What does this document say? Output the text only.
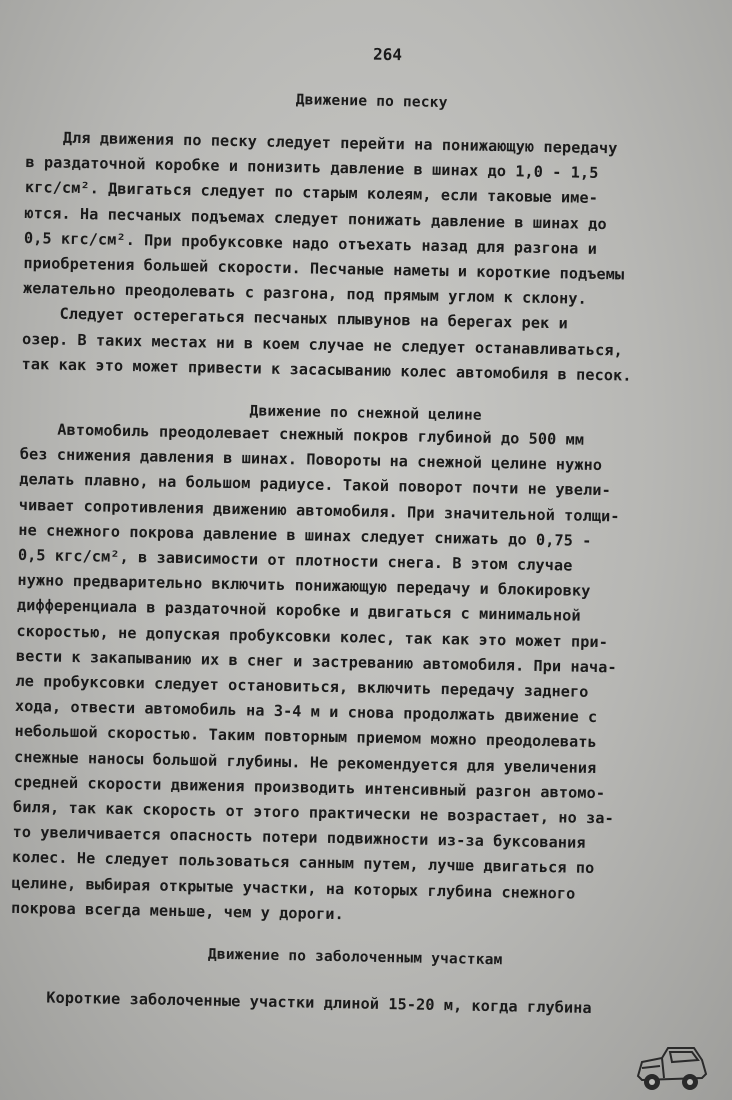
264
Движение по песку
Для движения по песку следует перейти на понижающую передачу
в раздаточной коробке и понизить давление в шинах до 1,0 - 1,5
кгс/см². Двигаться следует по старым колеям, если таковые име-
ются. На песчаных подъемах следует понижать давление в шинах до
0,5 кгс/см². При пробуксовке надо отъехать назад для разгона и
приобретения большей скорости. Песчаные наметы и короткие подъемы
желательно преодолевать с разгона, под прямым углом к склону.
Следует остерегаться песчаных плывунов на берегах рек и
озер. В таких местах ни в коем случае не следует останавливаться,
так как это может привести к засасыванию колес автомобиля в песок.
Движение по снежной целине
Автомобиль преодолевает снежный покров глубиной до 500 мм
без снижения давления в шинах. Повороты на снежной целине нужно
делать плавно, на большом радиусе. Такой поворот почти не увели-
чивает сопротивления движению автомобиля. При значительной толщи-
не снежного покрова давление в шинах следует снижать до 0,75 -
0,5 кгс/см², в зависимости от плотности снега. В этом случае
нужно предварительно включить понижающую передачу и блокировку
дифференциала в раздаточной коробке и двигаться с минимальной
скоростью, не допуская пробуксовки колес, так как это может при-
вести к закапыванию их в снег и застреванию автомобиля. При нача-
ле пробуксовки следует остановиться, включить передачу заднего
хода, отвести автомобиль на 3-4 м и снова продолжать движение с
небольшой скоростью. Таким повторным приемом можно преодолевать
снежные наносы большой глубины. Не рекомендуется для увеличения
средней скорости движения производить интенсивный разгон автомо-
биля, так как скорость от этого практически не возрастает, но за-
то увеличивается опасность потери подвижности из-за буксования
колес. Не следует пользоваться санным путем, лучше двигаться по
целине, выбирая открытые участки, на которых глубина снежного
покрова всегда меньше, чем у дороги.
Движение по заболоченным участкам
Короткие заболоченные участки длиной 15-20 м, когда глубина
